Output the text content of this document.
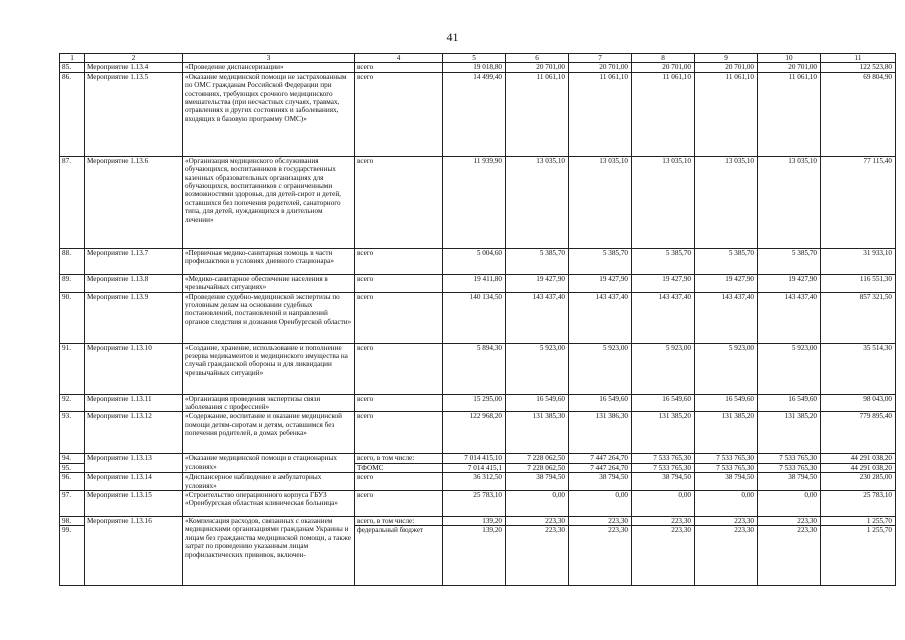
41
1	2	3	4	5	6	7	8	9	10	11
85.	Мероприятие 1.13.4	«Проведение диспансеризации»	всего	19 018,80	20 701,00	20 701,00	20 701,00	20 701,00	20 701,00	122 523,80
86.	Мероприятие 1.13.5	«Оказание медицинской помощи не застрахованным по ОМС гражданам Российской Федерации при состояниях, требующих срочного медицинского вмешательства (при несчастных случаях, травмах, отравлениях и других состояниях и заболеваниях, входящих в базовую программу ОМС)»	всего	14 499,40	11 061,10	11 061,10	11 061,10	11 061,10	11 061,10	69 804,90
87.	Мероприятие 1.13.6	«Организация медицинского обслуживания обучающихся, воспитанников в государственных казенных образовательных организациях для обучающихся, воспитанников с ограниченными возможностями здоровья, для детей-сирот и детей, оставшихся без попечения родителей, санаторного типа, для детей, нуждающихся в длительном лечении»	всего	11 939,90	13 035,10	13 035,10	13 035,10	13 035,10	13 035,10	77 115,40
88.	Мероприятие 1.13.7	«Первичная медико-санитарная помощь в части профилактики в условиях дневного стационара»	всего	5 004,60	5 385,70	5 385,70	5 385,70	5 385,70	5 385,70	31 933,10
89.	Мероприятие 1.13.8	«Медико-санитарное обеспечение населения в чрезвычайных ситуациях»	всего	19 411,80	19 427,90	19 427,90	19 427,90	19 427,90	19 427,90	116 551,30
90.	Мероприятие 1.13.9	«Проведение судебно-медицинской экспертизы по уголовным делам на основании судебных постановлений, постановлений и направлений органов следствия и дознания Оренбургской области»	всего	140 134,50	143 437,40	143 437,40	143 437,40	143 437,40	143 437,40	857 321,50
91.	Мероприятие 1.13.10	«Создание, хранение, использование и пополнение резерва медикаментов и медицинского имущества на случай гражданской обороны и для ликвидации чрезвычайных ситуаций»	всего	5 894,30	5 923,00	5 923,00	5 923,00	5 923,00	5 923,00	35 514,30
92.	Мероприятие 1.13.11	«Организация проведения экспертизы связи заболевания с профессией»	всего	15 295,00	16 549,60	16 549,60	16 549,60	16 549,60	16 549,60	98 043,00
93.	Мероприятие 1.13.12	«Содержание, воспитание и оказание медицинской помощи детям-сиротам и детям, оставшимся без попечения родителей, в домах ребенка»	всего	122 968,20	131 385,30	131 386,30	131 385,20	131 385,20	131 385,20	779 895,40
94.	Мероприятие 1.13.13	«Оказание медицинской помощи в стационарных условиях»	всего, в том числе:	7 014 415,10	7 228 062,50	7 447 264,70	7 533 765,30	7 533 765,30	7 533 765,30	44 291 038,20
95.			ТФОМС	7 014 415,1	7 228 062,50	7 447 264,70	7 533 765,30	7 533 765,30	7 533 765,30	44 291 038,20
96.	Мероприятие 1.13.14	«Диспансерное наблюдение в амбулаторных условиях»	всего	36 312,50	38 794,50	38 794,50	38 794,50	38 794,50	38 794,50	230 285,00
97.	Мероприятие 1.13.15	«Строительство операционного корпуса ГБУЗ «Оренбургская областная клиническая больница»	всего	25 783,10	0,00	0,00	0,00	0,00	0,00	25 783,10
98.	Мероприятие 1.13.16	«Компенсация расходов, связанных с оказанием медицинскими организациями гражданам Украины и лицам без гражданства медицинской помощи, а также затрат по проведению указанным лицам профилактических прививок, включен-	всего, в том числе:	139,20	223,30	223,30	223,30	223,30	223,30	1 255,70
99.			федеральный бюджет	139,20	223,30	223,30	223,30	223,30	223,30	1 255,70
